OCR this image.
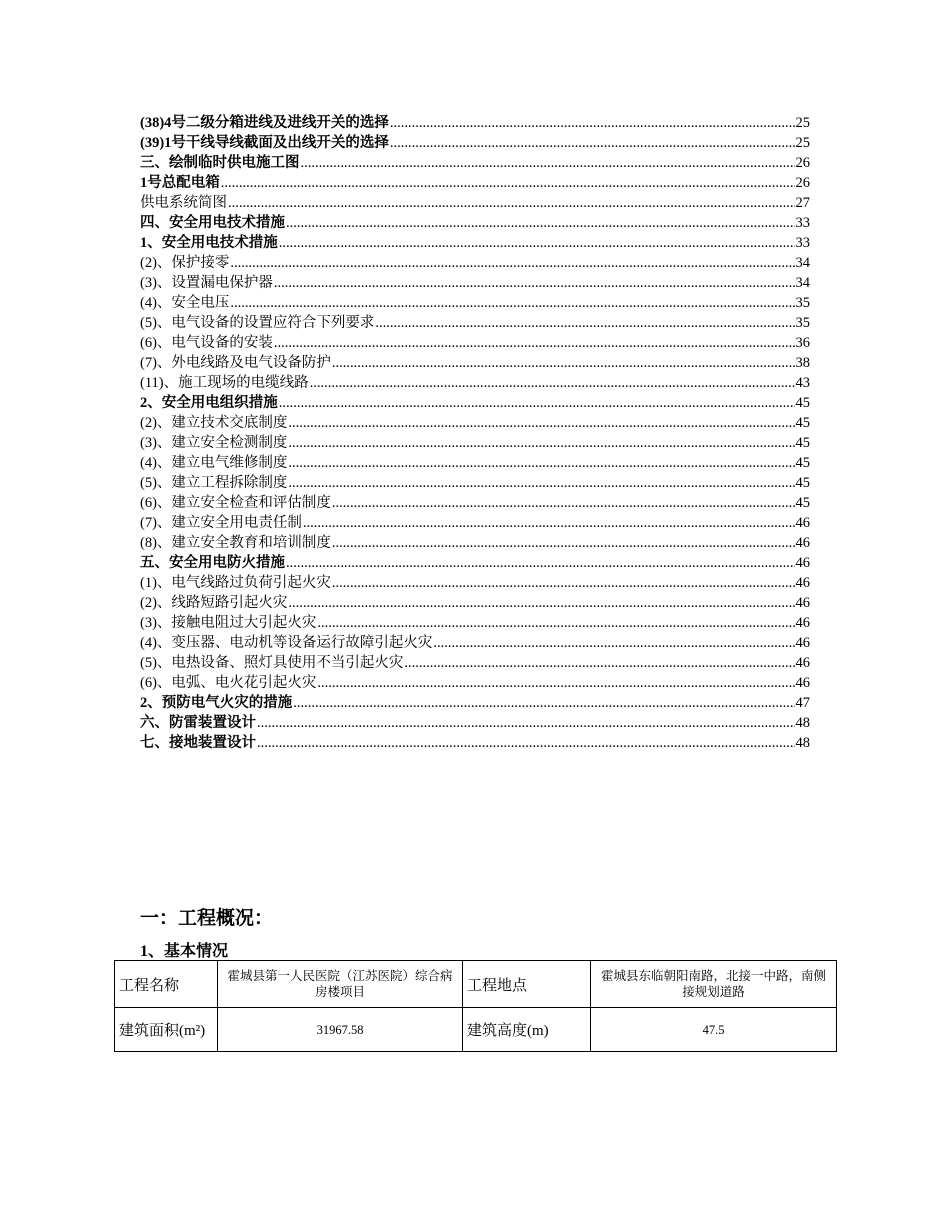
(38)4号二级分箱进线及进线开关的选择 .....	25
(39)1号干线导线截面及出线开关的选择 .....	25
三、绘制临时供电施工图 .....	26
1号总配电箱 .....	26
供电系统简图 .....	27
四、安全用电技术措施 .....	33
1、安全用电技术措施 .....	33
(2)、保护接零 .....	34
(3)、设置漏电保护器 .....	34
(4)、安全电压 .....	35
(5)、电气设备的设置应符合下列要求 .....	35
(6)、电气设备的安装 .....	36
(7)、外电线路及电气设备防护 .....	38
(11)、施工现场的电缆线路 .....	43
2、安全用电组织措施 .....	45
(2)、建立技术交底制度 .....	45
(3)、建立安全检测制度 .....	45
(4)、建立电气维修制度 .....	45
(5)、建立工程拆除制度 .....	45
(6)、建立安全检查和评估制度 .....	45
(7)、建立安全用电责任制 .....	46
(8)、建立安全教育和培训制度 .....	46
五、安全用电防火措施 .....	46
(1)、电气线路过负荷引起火灾 .....	46
(2)、线路短路引起火灾 .....	46
(3)、接触电阻过大引起火灾 .....	46
(4)、变压器、电动机等设备运行故障引起火灾 .....	46
(5)、电热设备、照灯具使用不当引起火灾 .....	46
(6)、电弧、电火花引起火灾 .....	46
2、预防电气火灾的措施 .....	47
六、防雷装置设计 .....	48
七、接地装置设计 .....	48
一：工程概况：
1、基本情况
工程名称	霍城县第一人民医院（江苏医院）综合病房楼项目	工程地点	霍城县东临朝阳南路，北接一中路，南侧接规划道路
建筑面积(m²)	31967.58	建筑高度(m)	47.5
